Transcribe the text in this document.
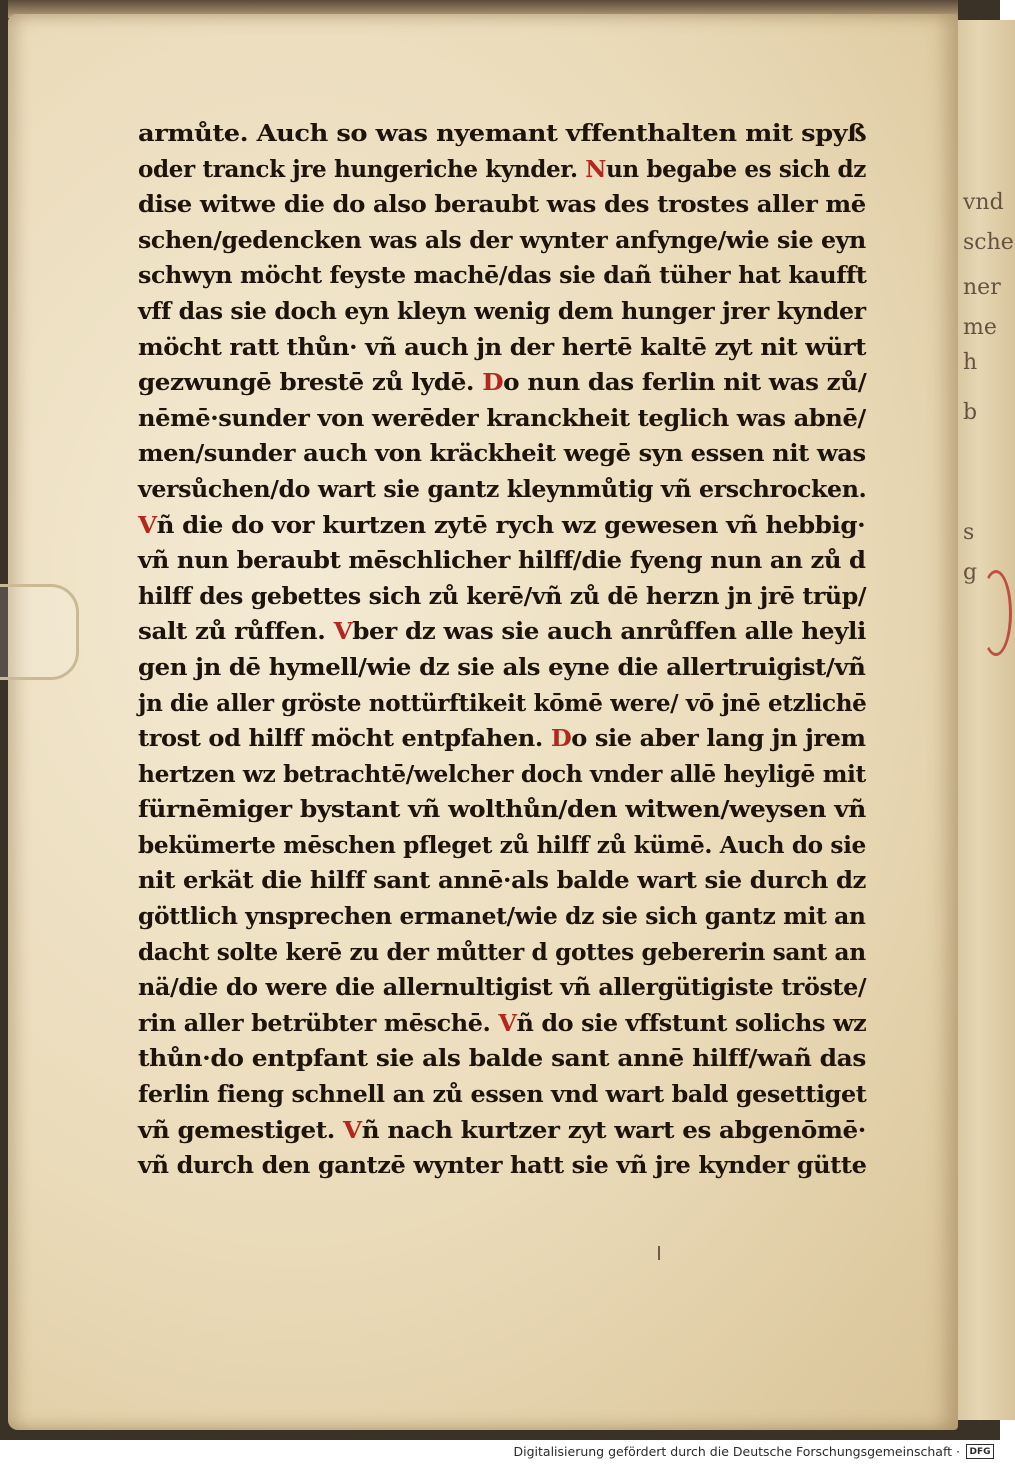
vnd
sche
ner
me
h
b
s
g
armůte. Auch so was nyemant vffenthalten mit spyß
oder tranck jre hungeriche kynder. Nun begabe es sich dz
dise witwe die do also beraubt was des trostes aller mē
schen/gedencken was als der wynter anfynge/wie sie eyn
schwyn möcht feyste machē/das sie dañ tüher hat kaufft
vff das sie doch eyn kleyn wenig dem hunger jrer kynder
möcht ratt thůn· vñ auch jn der hertē kaltē zyt nit würt
gezwungē brestē zů lydē. Do nun das ferlin nit was zů/
nēmē·sunder von werēder kranckheit teglich was abnē/
men/sunder auch von kräckheit wegē syn essen nit was
versůchen/do wart sie gantz kleynmůtig vñ erschrocken.
Vñ die do vor kurtzen zytē rych wz gewesen vñ hebbig·
vñ nun beraubt mēschlicher hilff/die fyeng nun an zů d
hilff des gebettes sich zů kerē/vñ zů dē herzn jn jrē trüp/
salt zů růffen. Vber dz was sie auch anrůffen alle heyli
gen jn dē hymell/wie dz sie als eyne die allertruigist/vñ
jn die aller gröste nottürftikeit kōmē were/ vō jnē etzlichē
trost od hilff möcht entpfahen. Do sie aber lang jn jrem
hertzen wz betrachtē/welcher doch vnder allē heyligē mit
fürnēmiger bystant vñ wolthůn/den witwen/weysen vñ
bekümerte mēschen pfleget zů hilff zů kümē. Auch do sie
nit erkät die hilff sant annē·als balde wart sie durch dz
göttlich ynsprechen ermanet/wie dz sie sich gantz mit an
dacht solte kerē zu der můtter d gottes gebererin sant an
nä/die do were die allernultigist vñ allergütigiste tröste/
rin aller betrübter mēschē. Vñ do sie vffstunt solichs wz
thůn·do entpfant sie als balde sant annē hilff/wañ das
ferlin fieng schnell an zů essen vnd wart bald gesettiget
vñ gemestiget. Vñ nach kurtzer zyt wart es abgenōmē·
vñ durch den gantzē wynter hatt sie vñ jre kynder gütte
Digitalisierung gefördert durch die Deutsche Forschungsgemeinschaft ·	DFG
